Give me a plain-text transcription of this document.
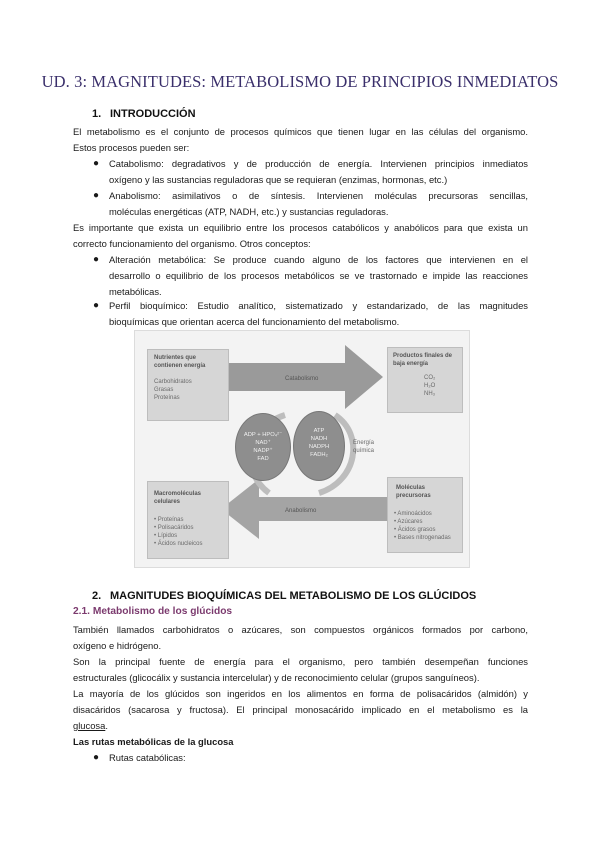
UD. 3: MAGNITUDES: METABOLISMO DE PRINCIPIOS INMEDIATOS
1. INTRODUCCIÓN
El metabolismo es el conjunto de procesos químicos que tienen lugar en las células del organismo.
Estos procesos pueden ser:
● Catabolismo: degradativos y de producción de energía. Intervienen principios inmediatos
oxígeno y las sustancias reguladoras que se requieran (enzimas, hormonas, etc.)
● Anabolismo: asimilativos o de síntesis. Intervienen moléculas precursoras sencillas,
moléculas energéticas (ATP, NADH, etc.) y sustancias reguladoras.
Es importante que exista un equilibrio entre los procesos catabólicos y anabólicos para que exista un
correcto funcionamiento del organismo. Otros conceptos:
● Alteración metabólica: Se produce cuando alguno de los factores que intervienen en el
desarrollo o equilibrio de los procesos metabólicos se ve trastornado e impide las reacciones
metabólicas.
● Perfil bioquímico: Estudio analítico, sistematizado y estandarizado, de las magnitudes
bioquímicas que orientan acerca del funcionamiento del metabolismo.
Nutrientes que
contienen energía
Carbohidratos
Grasas
Proteínas
Productos finales de
baja energía
CO₂
H₂O
NH₃
Macromoléculas
celulares
• Proteínas
• Polisacáridos
• Lípidos
• Ácidos nucleicos
Moléculas
precursoras
• Aminoácidos
• Azúcares
• Ácidos grasos
• Bases nitrogenadas
Catabolismo
Anabolismo
ADP + HPO₄²⁻
NAD⁺
NADP⁺
FAD
ATP
NADH
NADPH
FADH₂
Energía
química
2. MAGNITUDES BIOQUÍMICAS DEL METABOLISMO DE LOS GLÚCIDOS
2.1. Metabolismo de los glúcidos
También llamados carbohidratos o azúcares, son compuestos orgánicos formados por carbono,
oxígeno e hidrógeno.
Son la principal fuente de energía para el organismo, pero también desempeñan funciones
estructurales (glicocálix y sustancia intercelular) y de reconocimiento celular (grupos sanguíneos).
La mayoría de los glúcidos son ingeridos en los alimentos en forma de polisacáridos (almidón) y
disacáridos (sacarosa y fructosa). El principal monosacárido implicado en el metabolismo es la
glucosa.
Las rutas metabólicas de la glucosa
● Rutas catabólicas:
